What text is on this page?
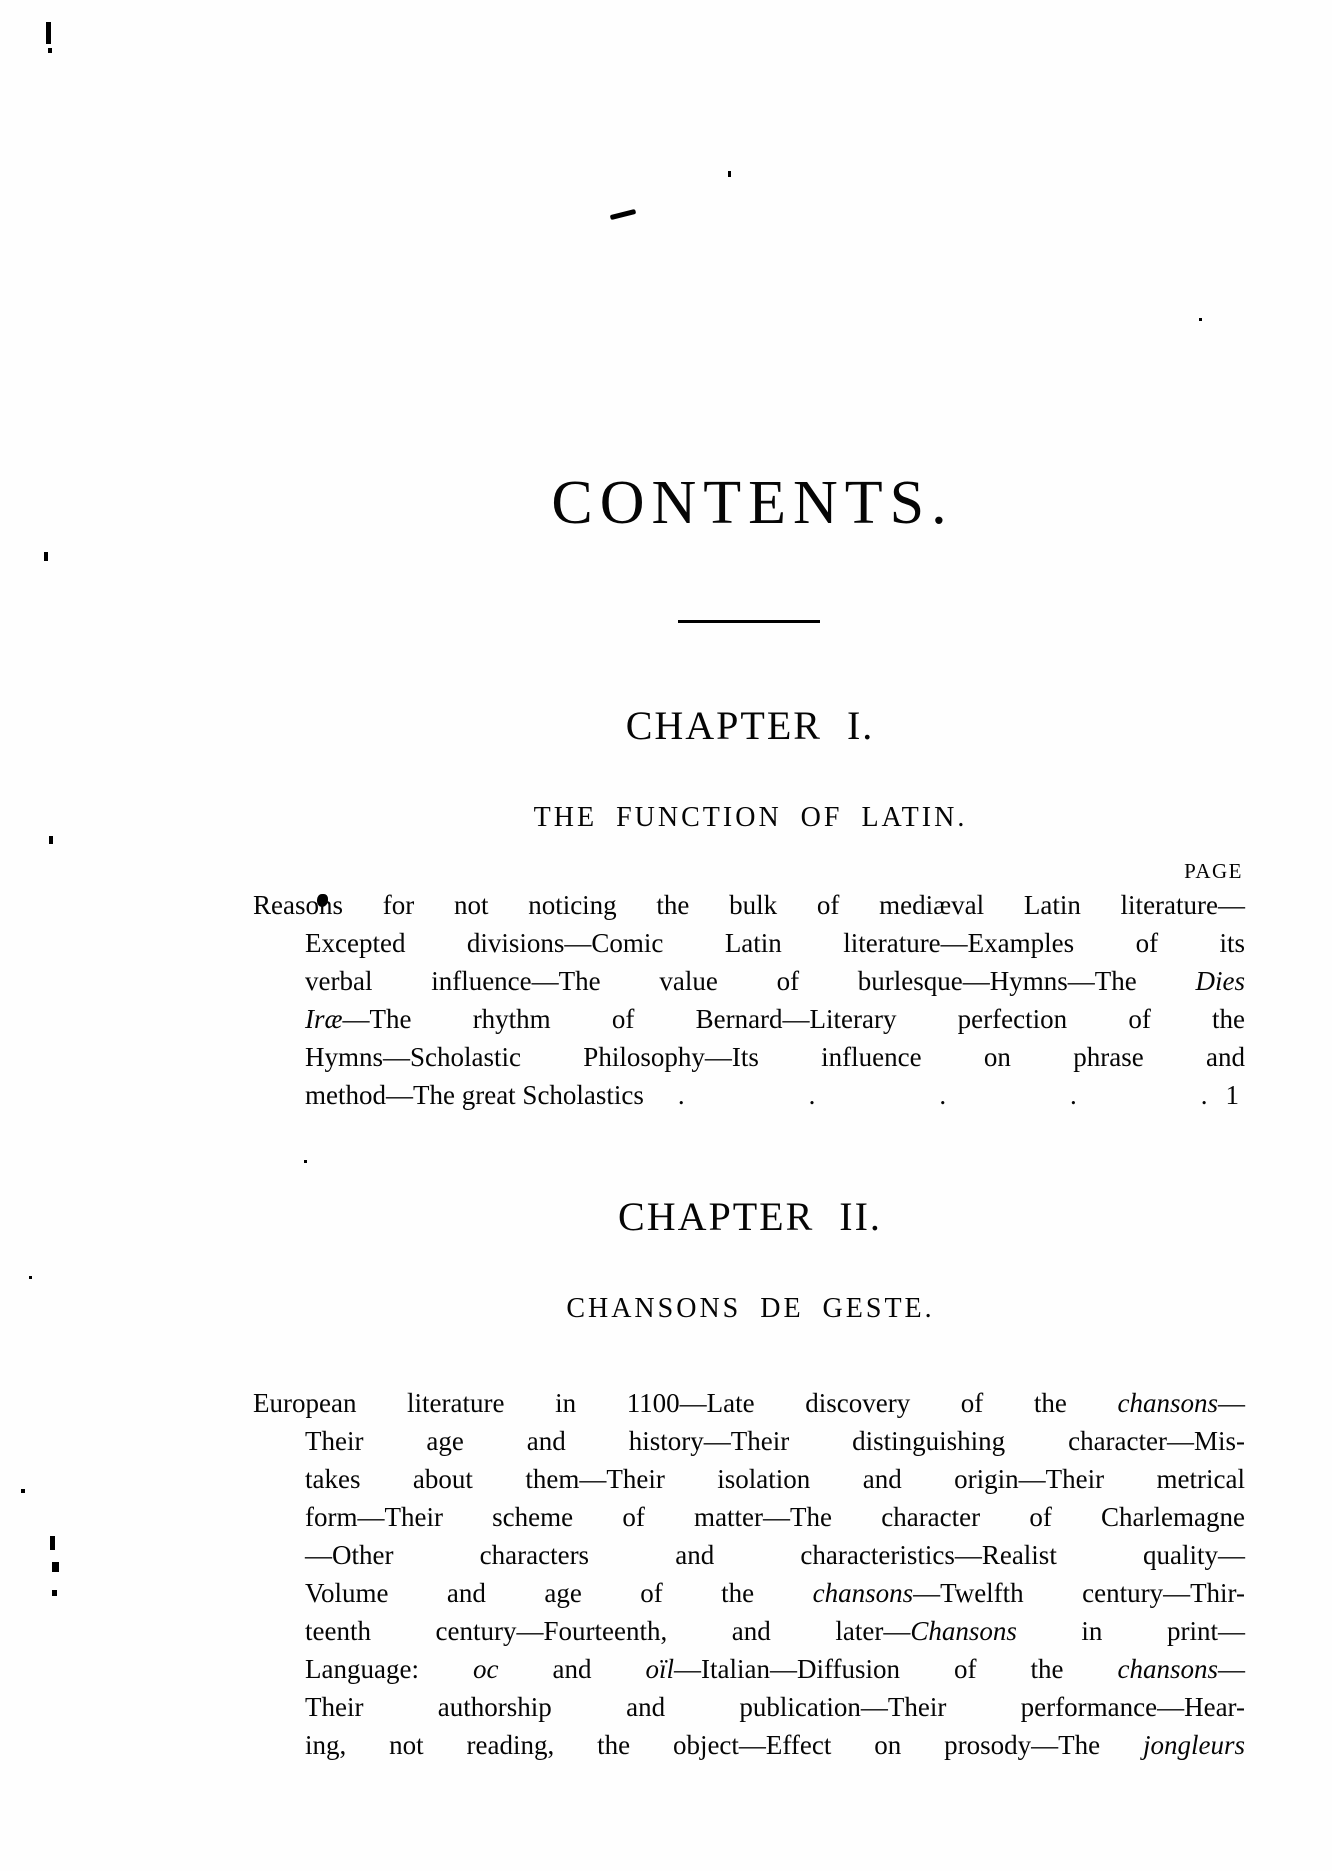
CONTENTS.
CHAPTER I.
THE FUNCTION OF LATIN.
PAGE
Reasons for not noticing the bulk of mediæval Latin literature—
Excepted divisions—Comic Latin literature—Examples of its
verbal influence—The value of burlesque—Hymns—The Dies
Iræ—The rhythm of Bernard—Literary perfection of the
Hymns—Scholastic Philosophy—Its influence on phrase and
method—The great Scholastics .	.	.	.	. 1
CHAPTER II.
CHANSONS DE GESTE.
European literature in 1100—Late discovery of the chansons—
Their age and history—Their distinguishing character—Mis-
takes about them—Their isolation and origin—Their metrical
form—Their scheme of matter—The character of Charlemagne
—Other characters and characteristics—Realist quality—
Volume and age of the chansons—Twelfth century—Thir-
teenth century—Fourteenth, and later—Chansons in print—
Language: oc and oïl—Italian—Diffusion of the chansons—
Their authorship and publication—Their performance—Hear-
ing, not reading, the object—Effect on prosody—The jongleurs
